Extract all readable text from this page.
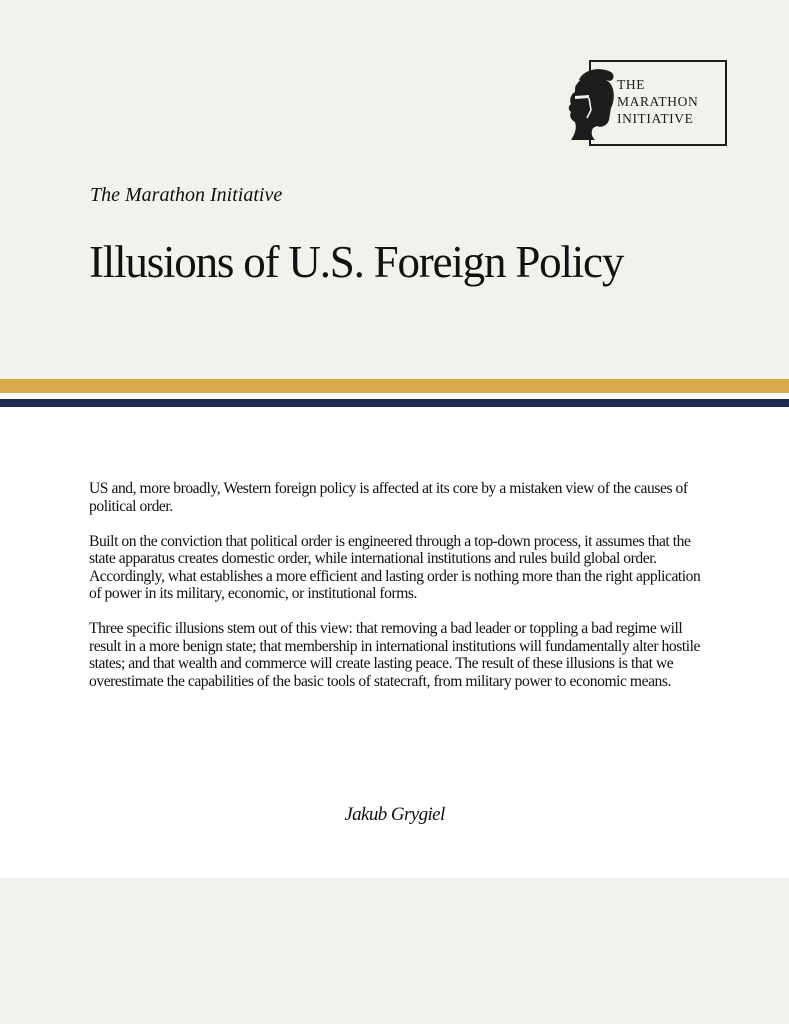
THE
MARATHON
INITIATIVE
The Marathon Initiative
Illusions of U.S. Foreign Policy

US and, more broadly, Western foreign policy is affected at its core by a mistaken view of the causes of political order.

Built on the conviction that political order is engineered through a top-down process, it assumes that the state apparatus creates domestic order, while international institutions and rules build global order. Accordingly, what establishes a more efficient and lasting order is nothing more than the right application of power in its military, economic, or institutional forms.

Three specific illusions stem out of this view: that removing a bad leader or toppling a bad regime will result in a more benign state; that membership in international institutions will fundamentally alter hostile states; and that wealth and commerce will create lasting peace. The result of these illusions is that we overestimate the capabilities of the basic tools of statecraft, from military power to economic means.

Jakub Grygiel
